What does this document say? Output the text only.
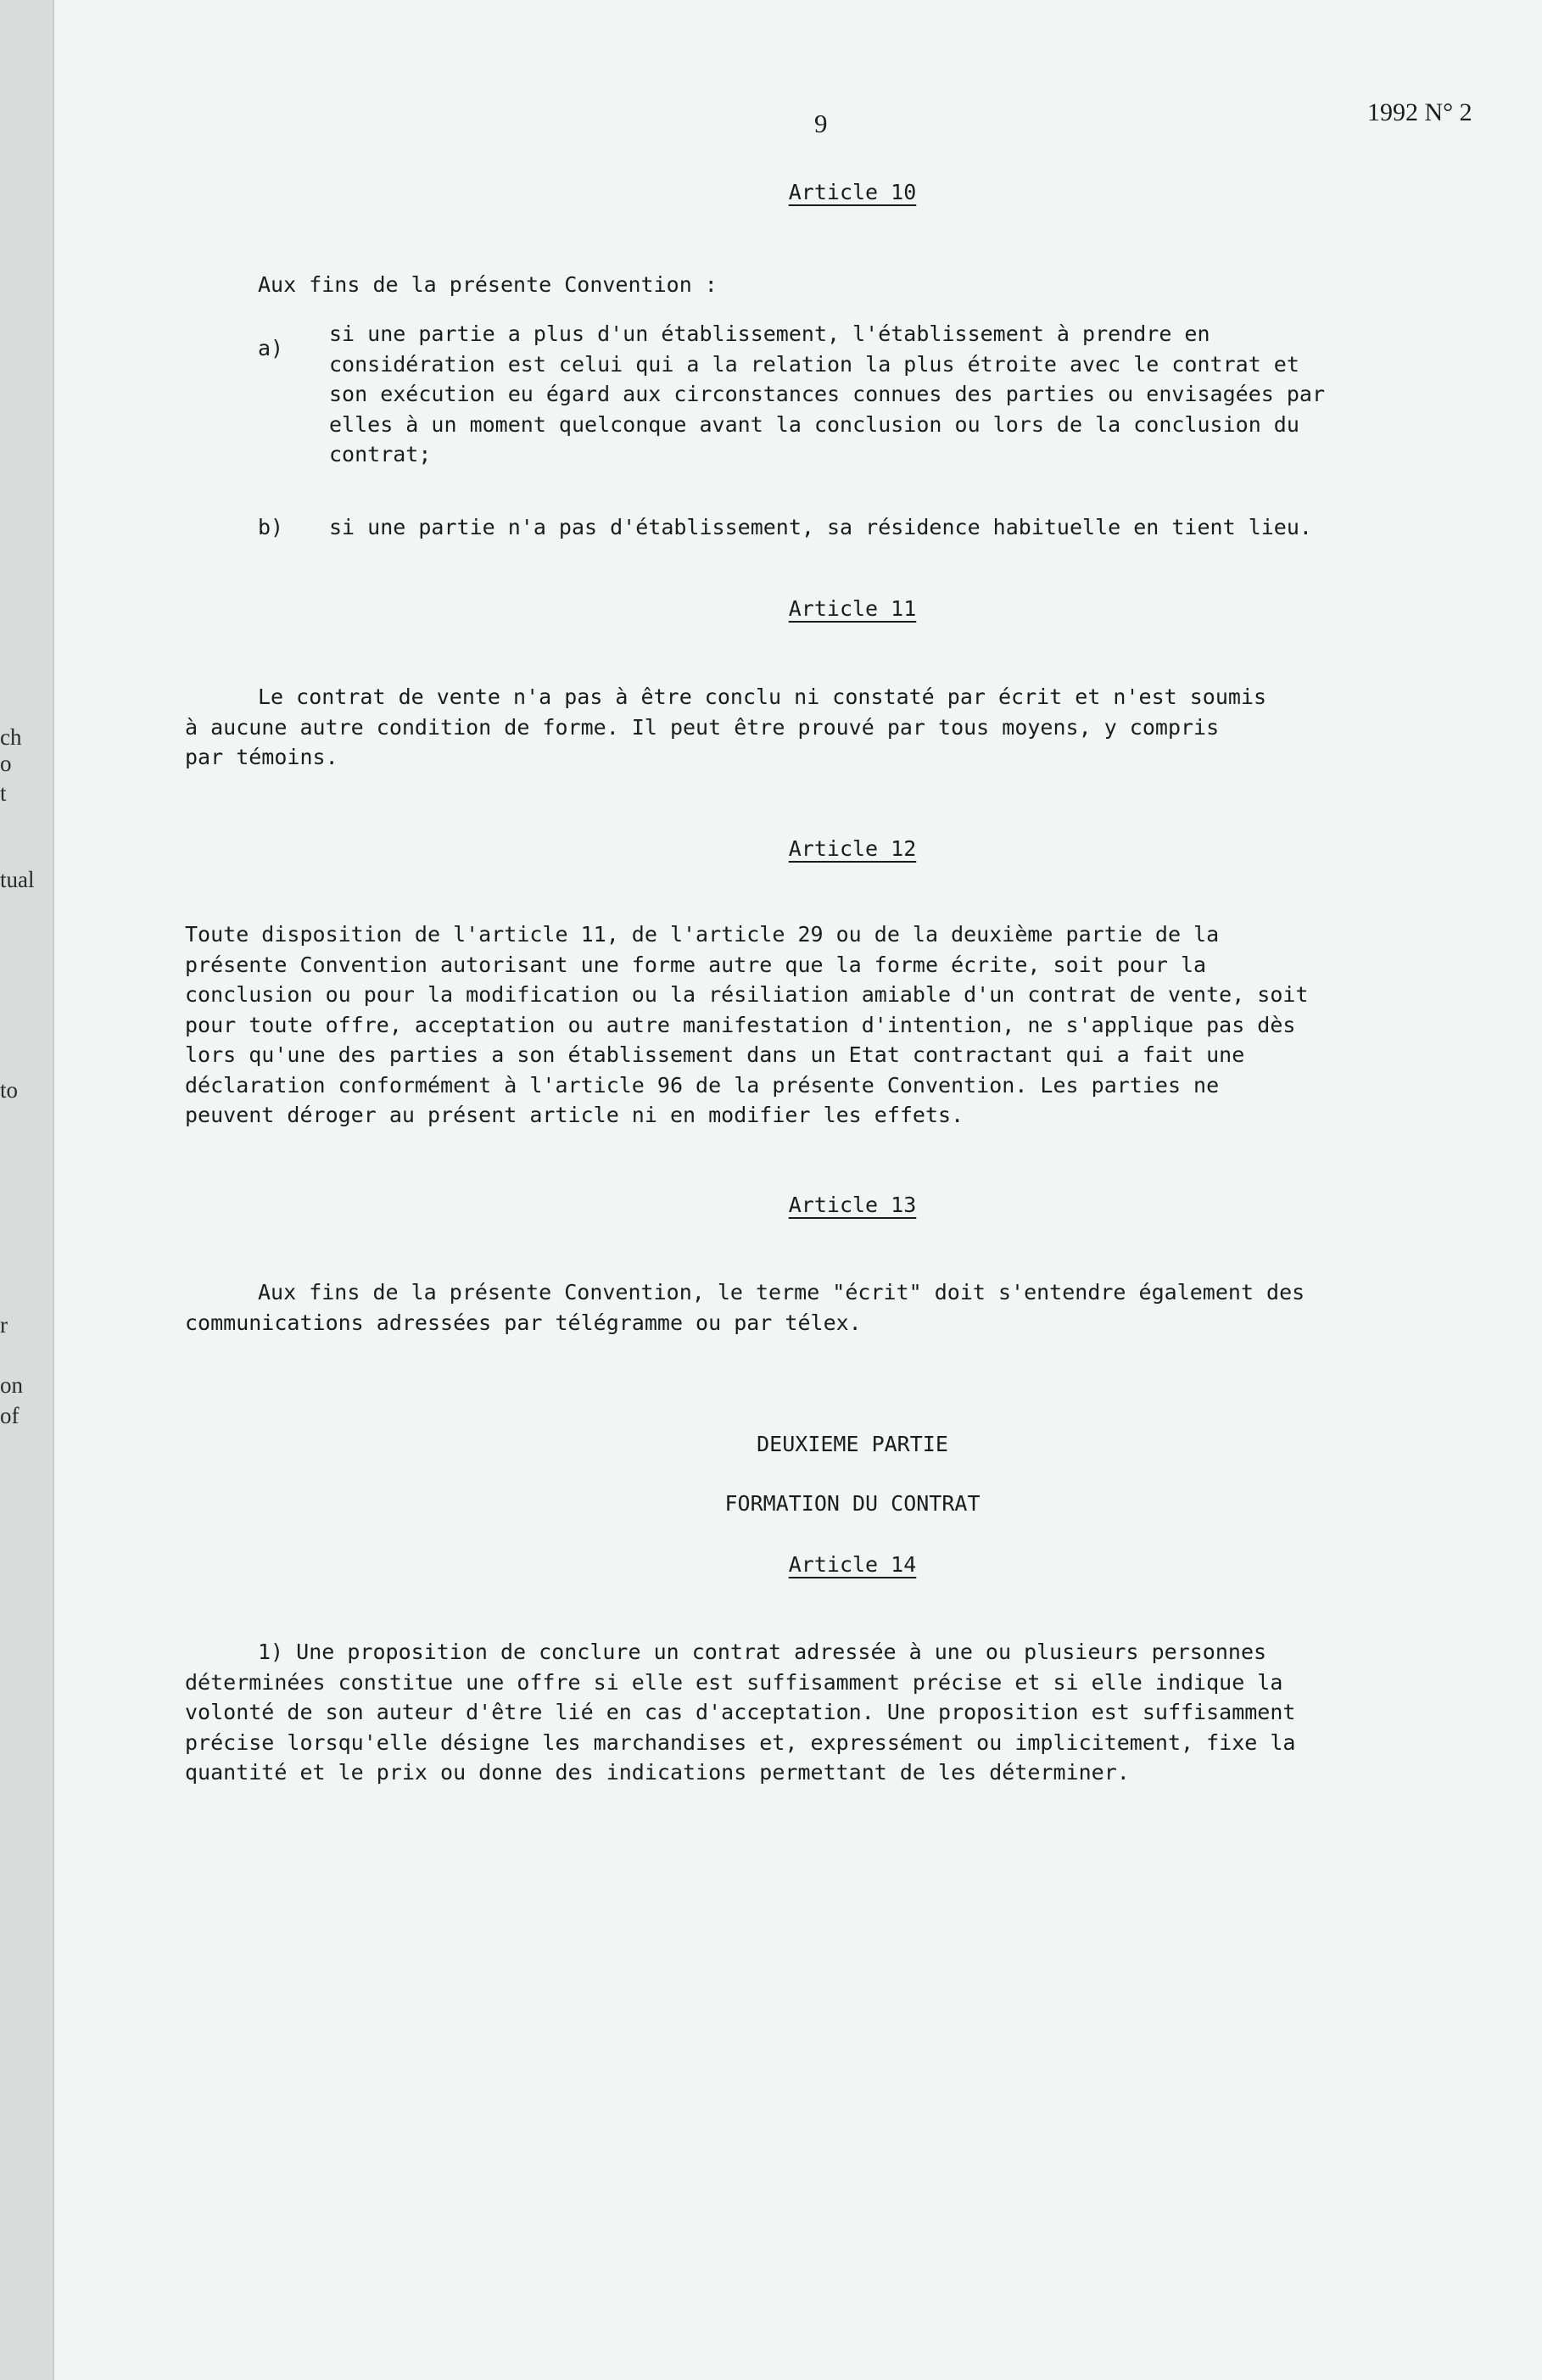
ch
o
t
tual
to
r
on
of
9	1992 N° 2
Article 10

Aux fins de la présente Convention :

a)
si une partie a plus d'un établissement, l'établissement à prendre en
considération est celui qui a la relation la plus étroite avec le contrat et
son exécution eu égard aux circonstances connues des parties ou envisagées par
elles à un moment quelconque avant la conclusion ou lors de la conclusion du
contrat;
b) si une partie n'a pas d'établissement, sa résidence habituelle en tient lieu.

Article 11
Le contrat de vente n'a pas à être conclu ni constaté par écrit et n'est soumis
à aucune autre condition de forme. Il peut être prouvé par tous moyens, y compris
par témoins.
Article 12
Toute disposition de l'article 11, de l'article 29 ou de la deuxième partie de la
présente Convention autorisant une forme autre que la forme écrite, soit pour la
conclusion ou pour la modification ou la résiliation amiable d'un contrat de vente, soit
pour toute offre, acceptation ou autre manifestation d'intention, ne s'applique pas dès
lors qu'une des parties a son établissement dans un Etat contractant qui a fait une
déclaration conformément à l'article 96 de la présente Convention. Les parties ne
peuvent déroger au présent article ni en modifier les effets.
Article 13
Aux fins de la présente Convention, le terme "écrit" doit s'entendre également des
communications adressées par télégramme ou par télex.
DEUXIEME PARTIE
FORMATION DU CONTRAT
Article 14
1) Une proposition de conclure un contrat adressée à une ou plusieurs personnes
déterminées constitue une offre si elle est suffisamment précise et si elle indique la
volonté de son auteur d'être lié en cas d'acceptation. Une proposition est suffisamment
précise lorsqu'elle désigne les marchandises et, expressément ou implicitement, fixe la
quantité et le prix ou donne des indications permettant de les déterminer.
